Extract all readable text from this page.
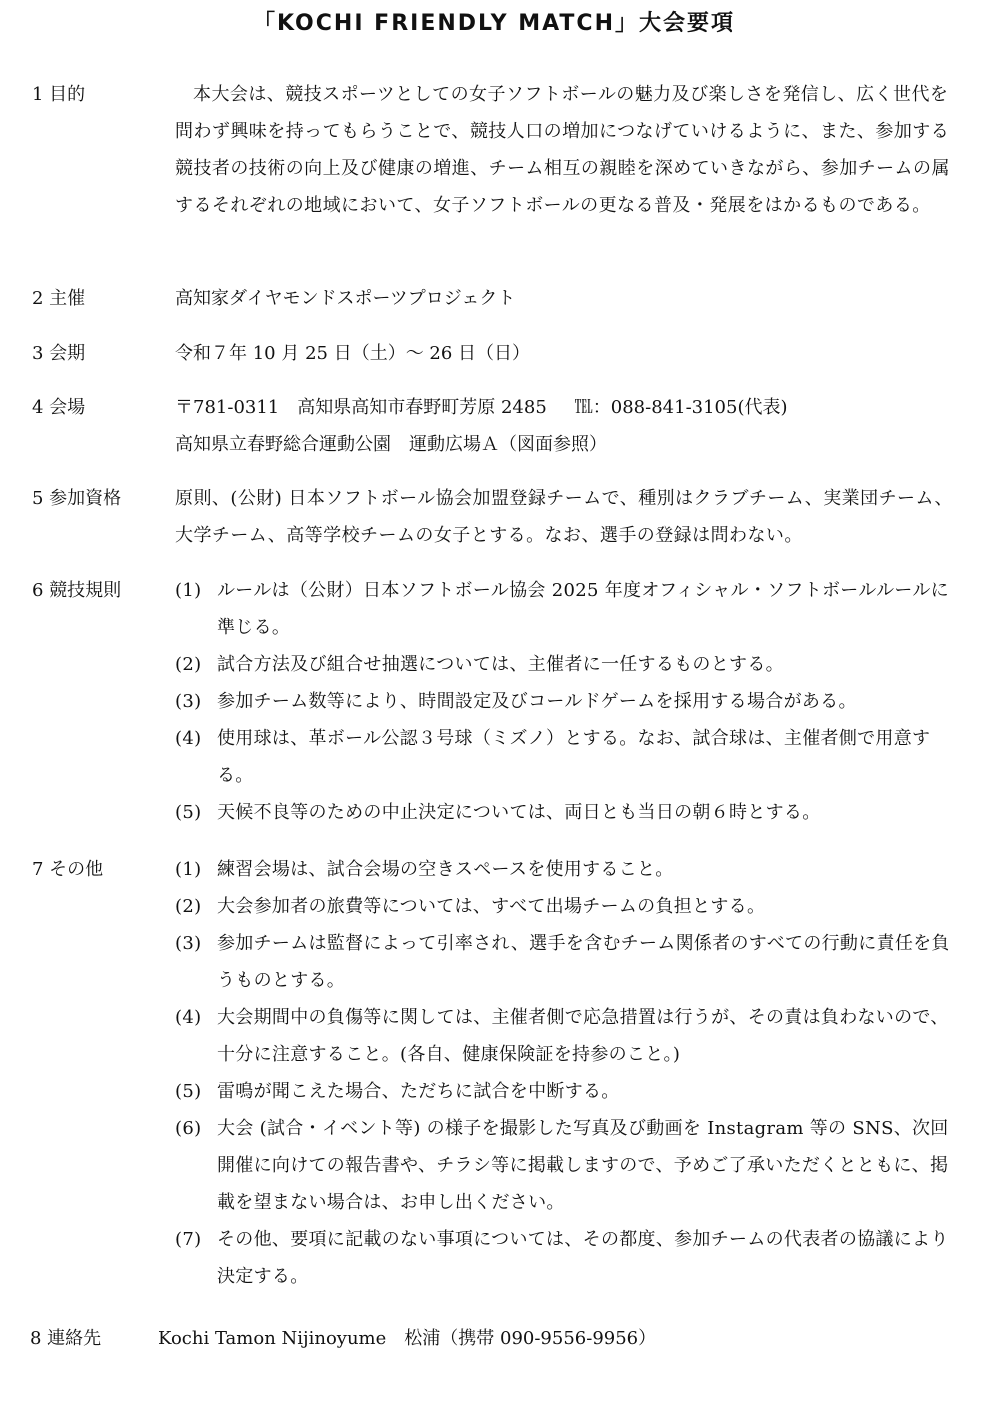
「KOCHI FRIENDLY MATCH」大会要項
1 目的	本大会は、競技スポーツとしての女子ソフトボールの魅力及び楽しさを発信し、広く世代を問わず興味を持ってもらうことで、競技人口の増加につなげていけるように、また、参加する競技者の技術の向上及び健康の増進、チーム相互の親睦を深めていきながら、参加チームの属するそれぞれの地域において、女子ソフトボールの更なる普及・発展をはかるものである。

2 主催	高知家ダイヤモンドスポーツプロジェクト
3 会期	令和７年 10 月 25 日（土）〜 26 日（日）
4 会場	〒781-0311　高知県高知市春野町芳原 2485 ℡：088-841-3105(代表)
高知県立春野総合運動公園　運動広場Ａ（図面参照）
5 参加資格	原則、(公財) 日本ソフトボール協会加盟登録チームで、種別はクラブチーム、実業団チーム、大学チーム、高等学校チームの女子とする。なお、選手の登録は問わない。

6 競技規則	(1) ルールは（公財）日本ソフトボール協会 2025 年度オフィシャル・ソフトボールルールに準じる。
(2) 試合方法及び組合せ抽選については、主催者に一任するものとする。
(3) 参加チーム数等により、時間設定及びコールドゲームを採用する場合がある。
(4) 使用球は、革ボール公認３号球（ミズノ）とする。なお、試合球は、主催者側で用意する。
(5) 天候不良等のための中止決定については、両日とも当日の朝６時とする。
7 その他	(1) 練習会場は、試合会場の空きスペースを使用すること。
(2) 大会参加者の旅費等については、すべて出場チームの負担とする。
(3) 参加チームは監督によって引率され、選手を含むチーム関係者のすべての行動に責任を負うものとする。
(4) 大会期間中の負傷等に関しては、主催者側で応急措置は行うが、その責は負わないので、十分に注意すること。(各自、健康保険証を持参のこと。)
(5) 雷鳴が聞こえた場合、ただちに試合を中断する。
(6) 大会 (試合・イベント等) の様子を撮影した写真及び動画を Instagram 等の SNS、次回開催に向けての報告書や、チラシ等に掲載しますので、予めご了承いただくとともに、掲載を望まない場合は、お申し出ください。
(7) その他、要項に記載のない事項については、その都度、参加チームの代表者の協議により決定する。
8 連絡先	Kochi Tamon Nijinoyume　松浦（携帯 090-9556-9956）
